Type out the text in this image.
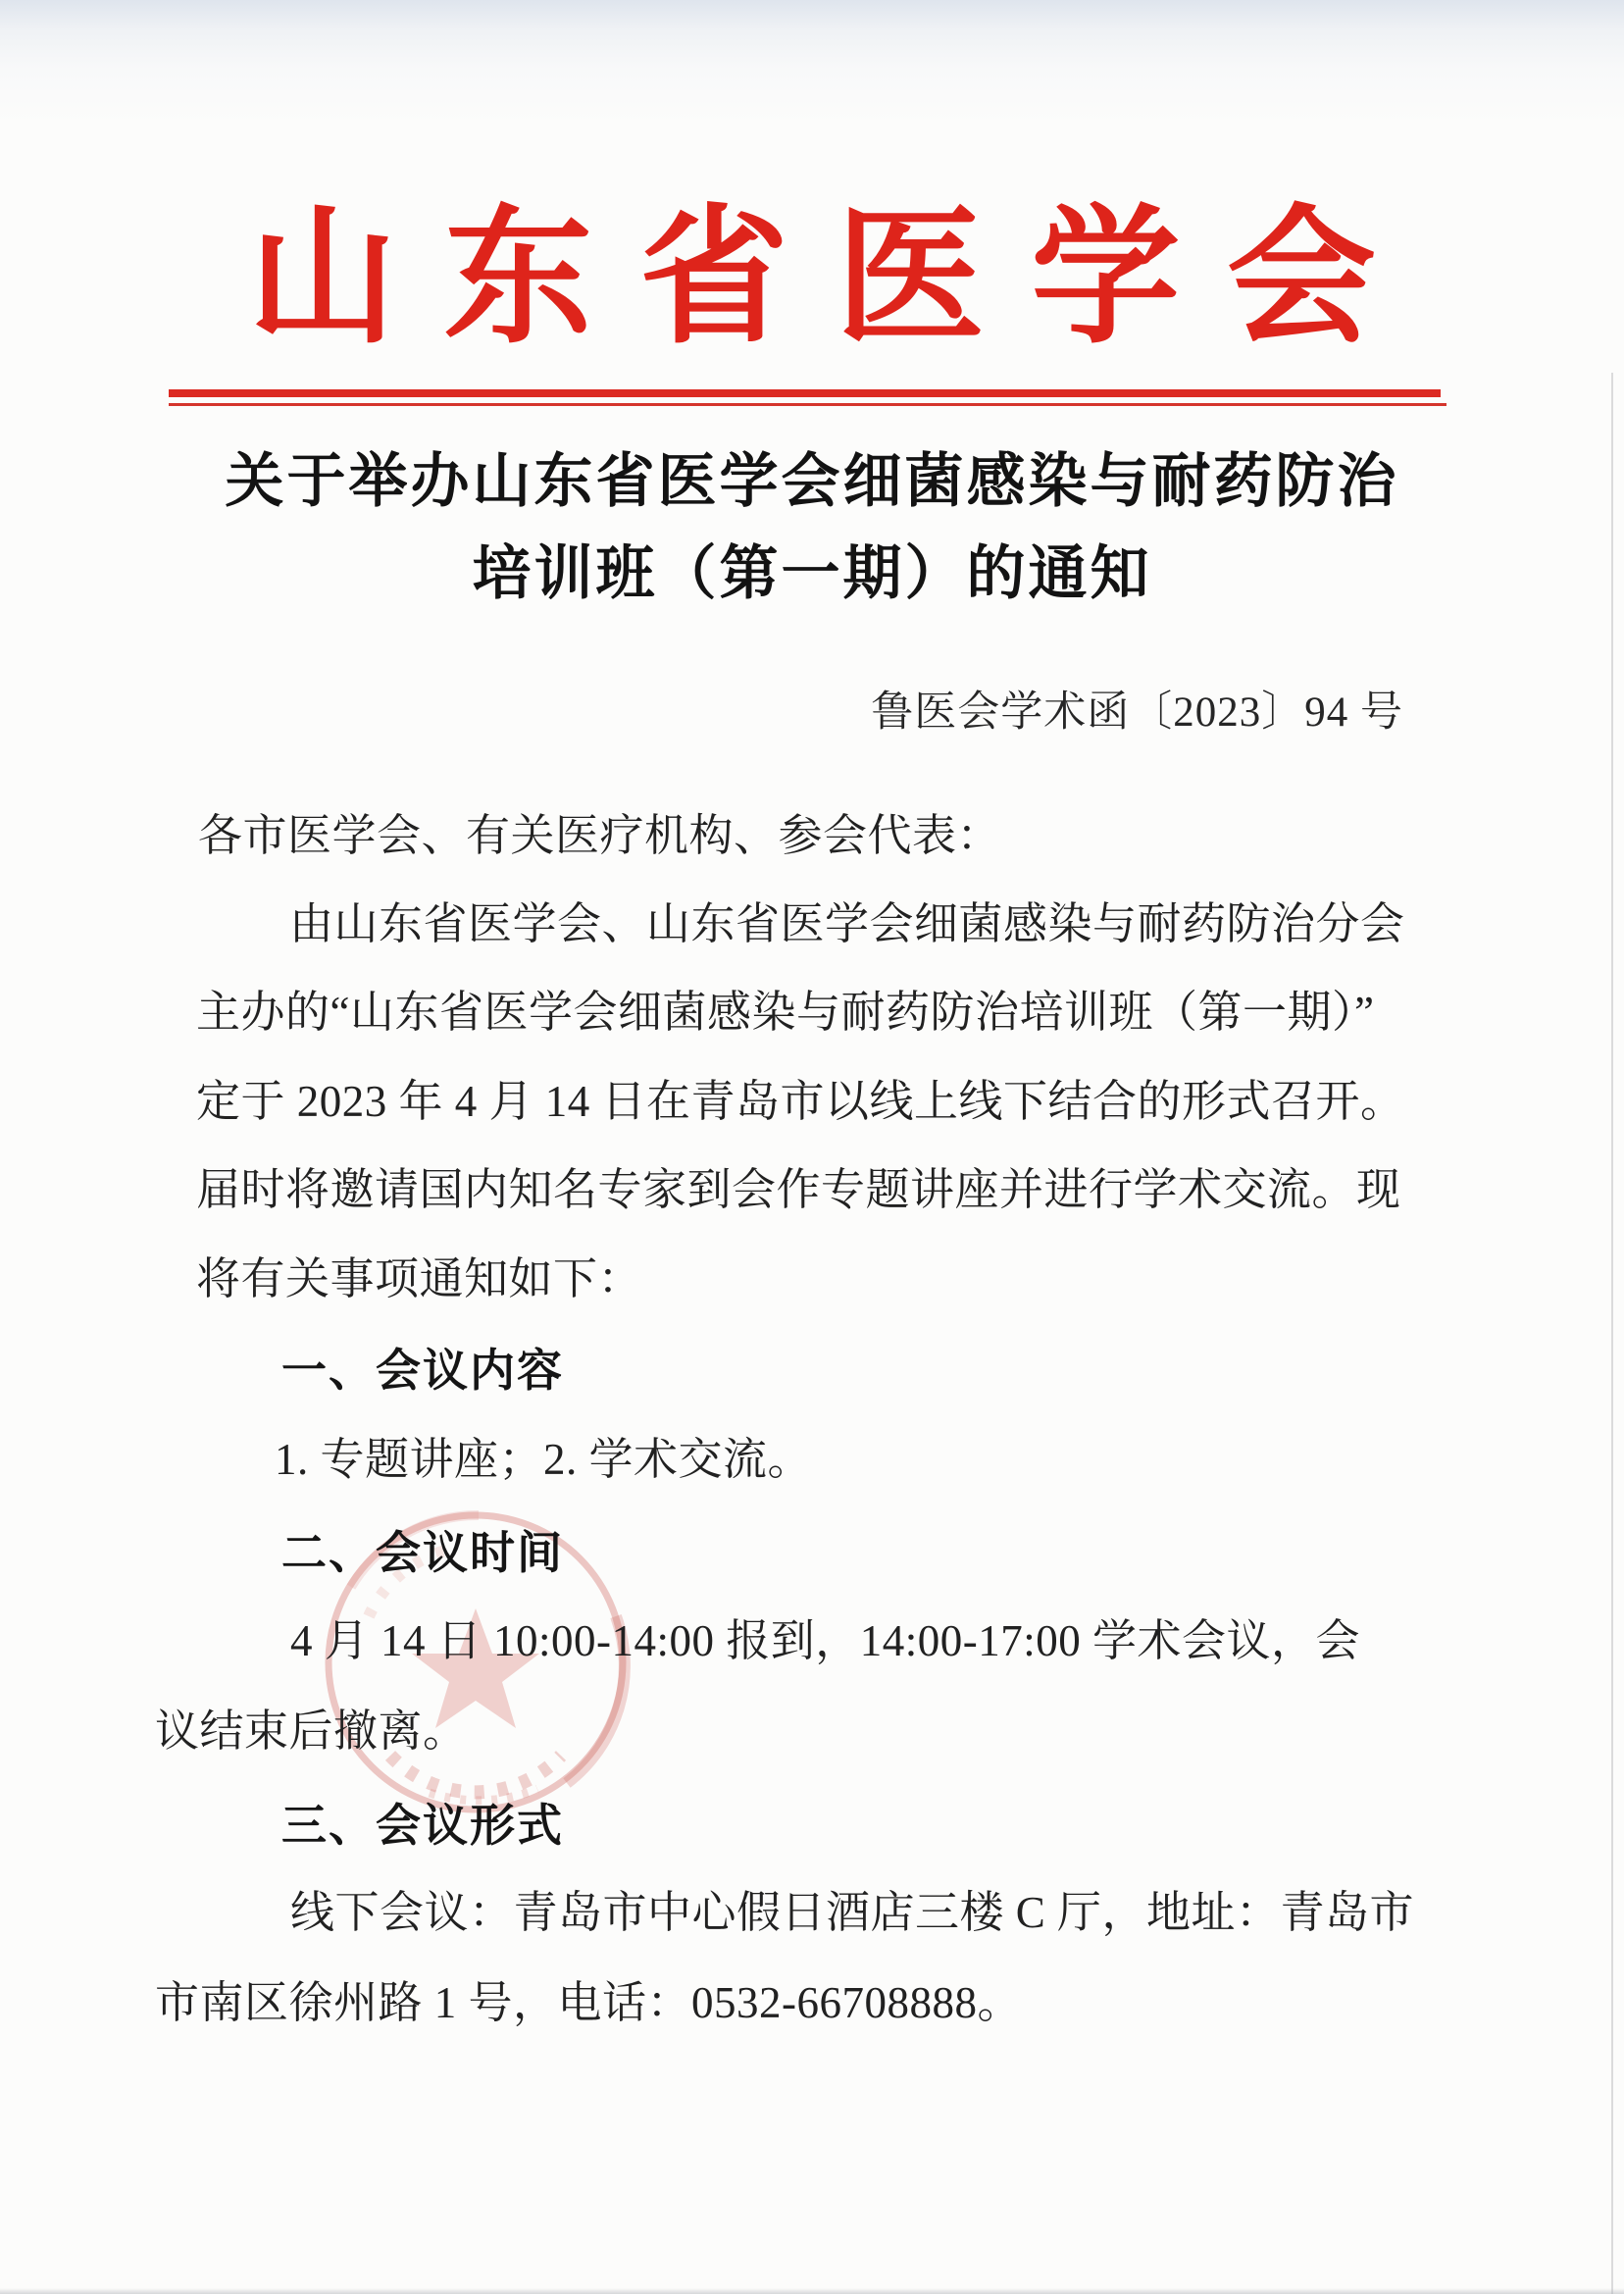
山 东 省 医 学 会
关于举办山东省医学会细菌感染与耐药防治
培训班（第一期）的通知
鲁医会学术函〔2023〕94 号
各市医学会、有关医疗机构、参会代表：
由山东省医学会、山东省医学会细菌感染与耐药防治分会
主办的“山东省医学会细菌感染与耐药防治培训班（第一期）”
定于 2023 年 4 月 14 日在青岛市以线上线下结合的形式召开。
届时将邀请国内知名专家到会作专题讲座并进行学术交流。现
将有关事项通知如下：
一、会议内容
1. 专题讲座；2. 学术交流。
二、会议时间
4 月 14 日 10:00-14:00 报到，14:00-17:00 学术会议，会
议结束后撤离。
三、会议形式
线下会议：青岛市中心假日酒店三楼 C 厅，地址：青岛市
市南区徐州路 1 号，电话：0532-66708888。
